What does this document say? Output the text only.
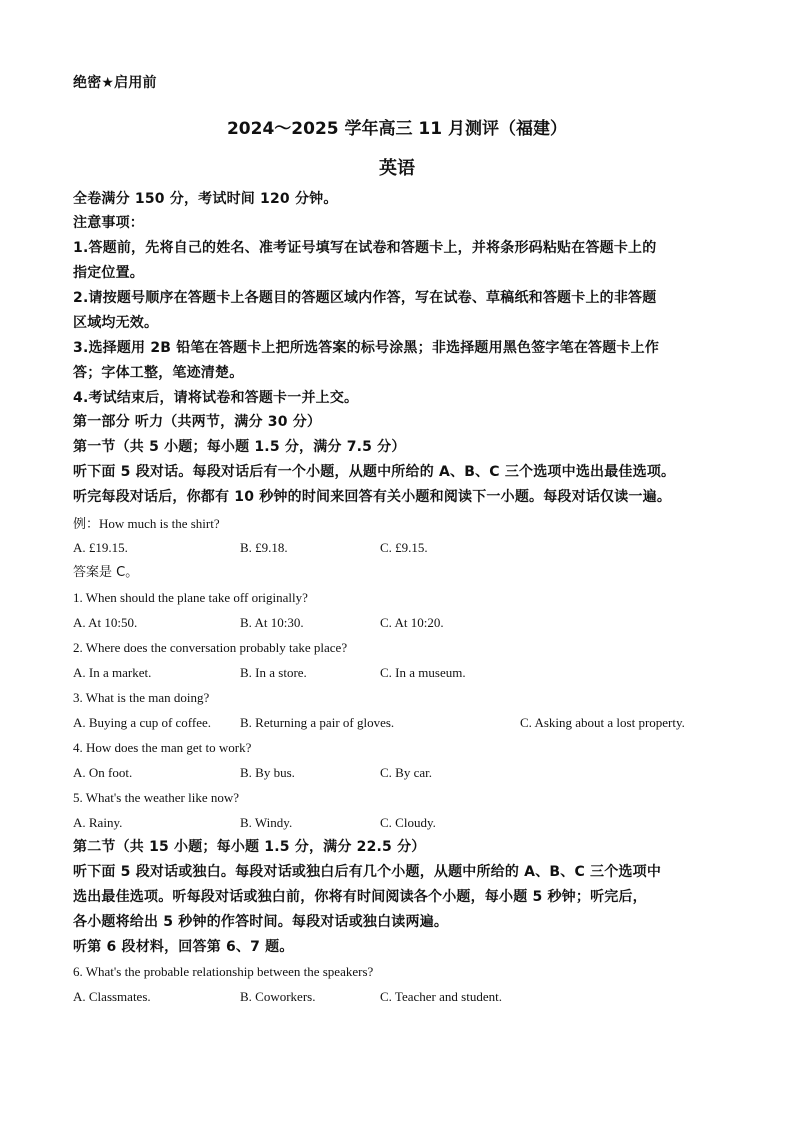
绝密★启用前
2024～2025 学年高三 11 月测评（福建）
英语
全卷满分 150 分，考试时间 120 分钟。
注意事项：
1.答题前，先将自己的姓名、准考证号填写在试卷和答题卡上，并将条形码粘贴在答题卡上的
指定位置。
2.请按题号顺序在答题卡上各题目的答题区域内作答，写在试卷、草稿纸和答题卡上的非答题
区域均无效。
3.选择题用 2B 铅笔在答题卡上把所选答案的标号涂黑；非选择题用黑色签字笔在答题卡上作
答；字体工整，笔迹清楚。
4.考试结束后，请将试卷和答题卡一并上交。
第一部分 听力（共两节，满分 30 分）
第一节（共 5 小题；每小题 1.5 分，满分 7.5 分）
听下面 5 段对话。每段对话后有一个小题，从题中所给的 A、B、C 三个选项中选出最佳选项。
听完每段对话后，你都有 10 秒钟的时间来回答有关小题和阅读下一小题。每段对话仅读一遍。
例：How much is the shirt?
A. £19.15.	B. £9.18.	C. £9.15.
答案是 C。
1. When should the plane take off originally?
A. At 10:50.	B. At 10:30.	C. At 10:20.
2. Where does the conversation probably take place?
A. In a market.	B. In a store.	C. In a museum.
3. What is the man doing?
A. Buying a cup of coffee. B. Returning a pair of gloves.	C. Asking about a lost property.
4. How does the man get to work?
A. On foot.	B. By bus.	C. By car.
5. What's the weather like now?
A. Rainy.	B. Windy.	C. Cloudy.
第二节（共 15 小题；每小题 1.5 分，满分 22.5 分）
听下面 5 段对话或独白。每段对话或独白后有几个小题，从题中所给的 A、B、C 三个选项中
选出最佳选项。听每段对话或独白前，你将有时间阅读各个小题，每小题 5 秒钟；听完后，
各小题将给出 5 秒钟的作答时间。每段对话或独白读两遍。
听第 6 段材料，回答第 6、7 题。
6. What's the probable relationship between the speakers?
A. Classmates.	B. Coworkers.	C. Teacher and student.
